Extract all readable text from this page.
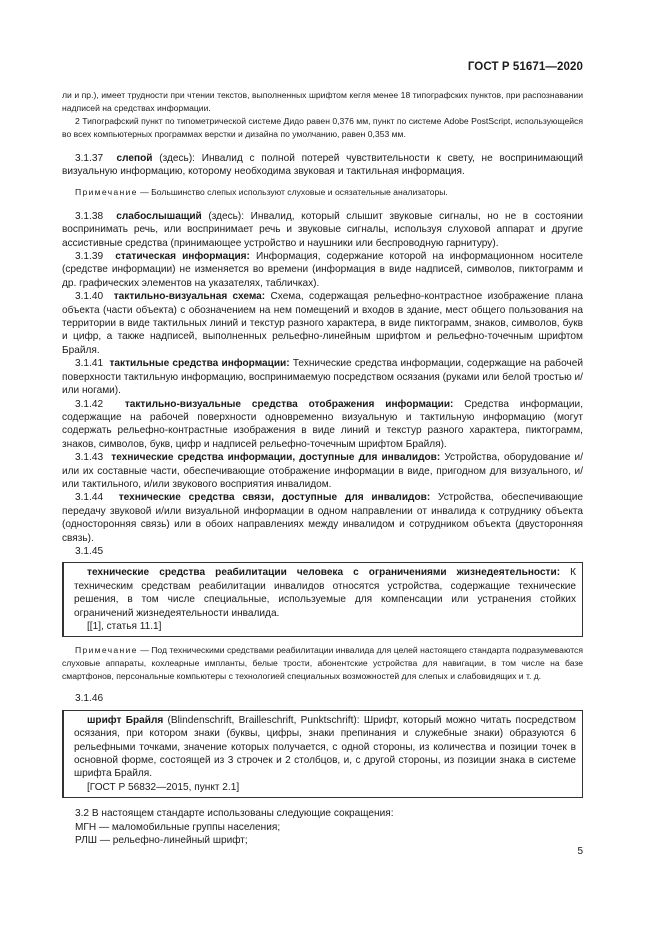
ГОСТ Р 51671—2020

ли и пр.), имеет трудности при чтении текстов, выполненных шрифтом кегля менее 18 типографских пунктов, при распознавании надписей на средствах информации.

2 Типографский пункт по типометрической системе Дидо равен 0,376 мм, пункт по системе Adobe PostScript, использующейся во всех компьютерных программах верстки и дизайна по умолчанию, равен 0,353 мм.

3.1.37 слепой (здесь): Инвалид с полной потерей чувствительности к свету, не воспринимающий визуальную информацию, которому необходима звуковая и тактильная информация.

Примечание — Большинство слепых используют слуховые и осязательные анализаторы.

3.1.38 слабослышащий (здесь): Инвалид, который слышит звуковые сигналы, но не в состоянии воспринимать речь, или воспринимает речь и звуковые сигналы, используя слуховой аппарат и другие ассистивные средства (принимающее устройство и наушники или беспроводную гарнитуру).

3.1.39 статическая информация: Информация, содержание которой на информационном носителе (средстве информации) не изменяется во времени (информация в виде надписей, символов, пиктограмм и др. графических элементов на указателях, табличках).

3.1.40 тактильно-визуальная схема: Схема, содержащая рельефно-контрастное изображение плана объекта (части объекта) с обозначением на нем помещений и входов в здание, мест общего пользования на территории в виде тактильных линий и текстур разного характера, в виде пиктограмм, знаков, символов, букв и цифр, а также надписей, выполненных рельефно-линейным шрифтом и рельефно-точечным шрифтом Брайля.

3.1.41 тактильные средства информации: Технические средства информации, содержащие на рабочей поверхности тактильную информацию, воспринимаемую посредством осязания (руками или белой тростью и/или ногами).

3.1.42 тактильно-визуальные средства отображения информации: Средства информации, содержащие на рабочей поверхности одновременно визуальную и тактильную информацию (могут содержать рельефно-контрастные изображения в виде линий и текстур разного характера, пиктограмм, знаков, символов, букв, цифр и надписей рельефно-точечным шрифтом Брайля).

3.1.43 технические средства информации, доступные для инвалидов: Устройства, оборудование и/или их составные части, обеспечивающие отображение информации в виде, пригодном для визуального, и/или тактильного, и/или звукового восприятия инвалидом.

3.1.44 технические средства связи, доступные для инвалидов: Устройства, обеспечивающие передачу звуковой и/или визуальной информации в одном направлении от инвалида к сотруднику объекта (односторонняя связь) или в обоих направлениях между инвалидом и сотрудником объекта (двусторонняя связь).

3.1.45

технические средства реабилитации человека с ограничениями жизнедеятельности: К техническим средствам реабилитации инвалидов относятся устройства, содержащие технические решения, в том числе специальные, используемые для компенсации или устранения стойких ограничений жизнедеятельности инвалида.

[[1], статья 11.1]

Примечание — Под техническими средствами реабилитации инвалида для целей настоящего стандарта подразумеваются слуховые аппараты, кохлеарные импланты, белые трости, абонентские устройства для навигации, в том числе на базе смартфонов, персональные компьютеры с технологией специальных возможностей для слепых и слабовидящих и т. д.

3.1.46

шрифт Брайля (Blindenschrift, Brailleschrift, Punktschrift): Шрифт, который можно читать посредством осязания, при котором знаки (буквы, цифры, знаки препинания и служебные знаки) образуются 6 рельефными точками, значение которых получается, с одной стороны, из количества и позиции точек в основной форме, состоящей из 3 строчек и 2 столбцов, и, с другой стороны, из позиции знака в системе шрифта Брайля.

[ГОСТ Р 56832—2015, пункт 2.1]

3.2 В настоящем стандарте использованы следующие сокращения:

МГН — маломобильные группы населения;

РЛШ — рельефно-линейный шрифт;

5
